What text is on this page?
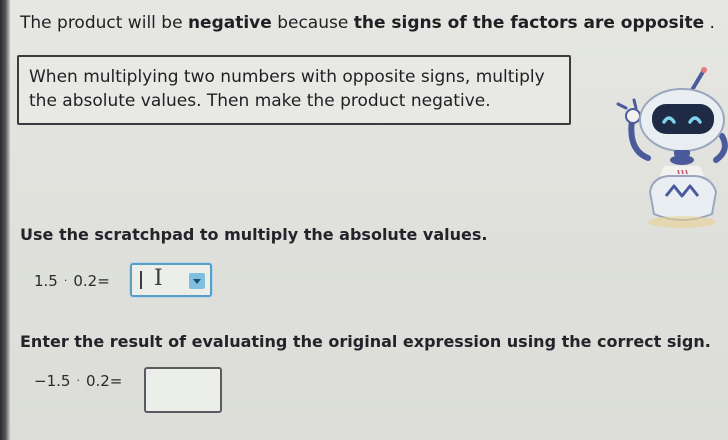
The product will be negative because the signs of the factors are opposite .
When multiplying two numbers with opposite signs, multiply the absolute values. Then make the product negative.
Use the scratchpad to multiply the absolute values.
1.5 · 0.2= I
Enter the result of evaluating the original expression using the correct sign.
−1.5 · 0.2=
